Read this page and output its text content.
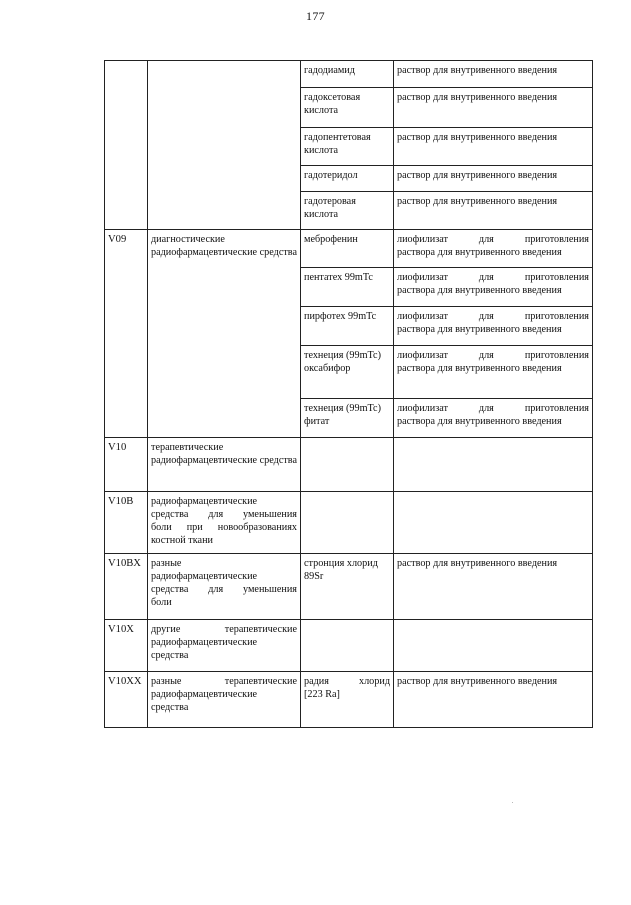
177
		гадодиамид	раствор для внутривенного введения
		гадоксетовая кислота	раствор для внутривенного введения
		гадопентетовая кислота	раствор для внутривенного введения
		гадотеридол	раствор для внутривенного введения
		гадотеровая кислота	раствор для внутривенного введения
V09	диагностические радиофармацевтические средства	меброфенин	лиофилизат для приготовления
раствора для внутривенного введения

		пентатех 99mTc	лиофилизат для приготовления
раствора для внутривенного введения

		пирфотех 99mTc	лиофилизат для приготовления
раствора для внутривенного введения

		технеция (99mTc) оксабифор	лиофилизат для приготовления
раствора для внутривенного введения

		технеция (99mTc) фитат	лиофилизат для приготовления
раствора для внутривенного введения

V10	терапевтические радиофармацевтические средства		
V10B	радиофармацевтические
средства для уменьшения
боли при новообразованиях
костной ткани		

V10BX	разные
радиофармацевтические
средства для уменьшения
боли	стронция хлорид 89Sr	раствор для внутривенного введения
V10X	другие терапевтические
радиофармацевтические
средства		

V10XX	разные терапевтические
радиофармацевтические
средства	радия хлорид
[223 Ra]	раствор для внутривенного введения
